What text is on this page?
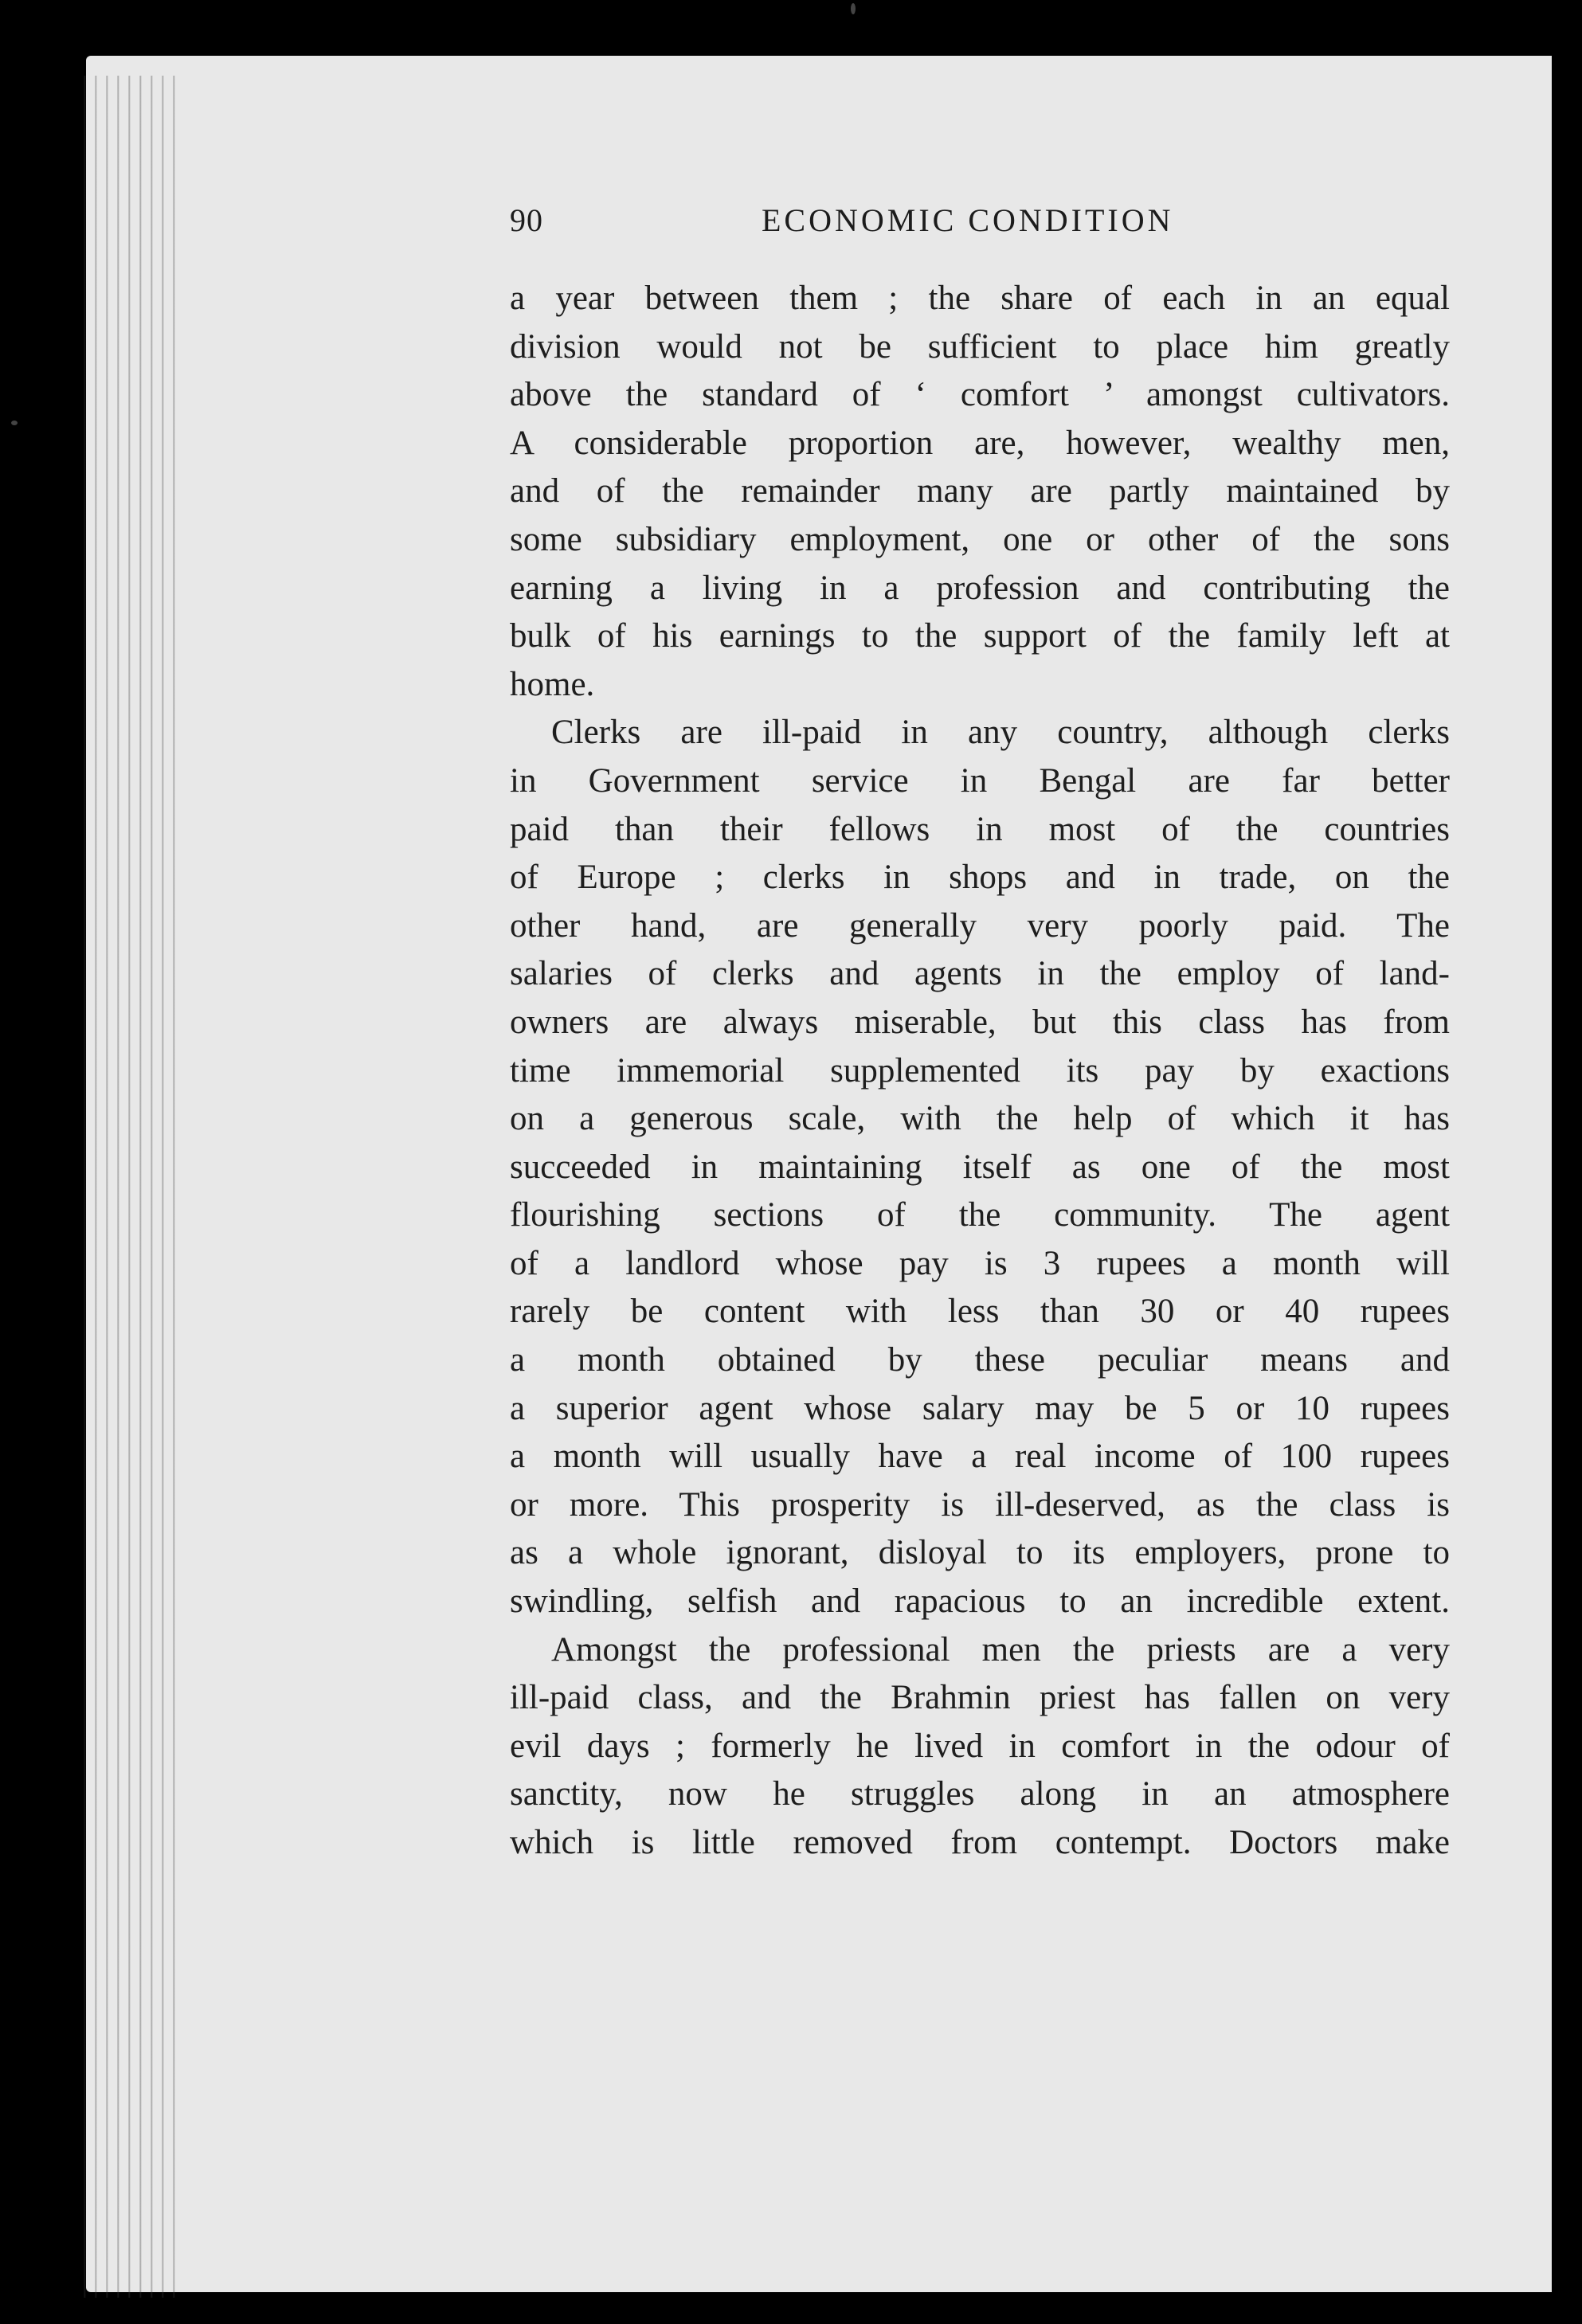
90	ECONOMIC CONDITION
a year between them ; the share of each in an equal
division would not be sufficient to place him greatly
above the standard of ‘ comfort ’ amongst cultivators.
A considerable proportion are, however, wealthy men,
and of the remainder many are partly maintained by
some subsidiary employment, one or other of the sons
earning a living in a profession and contributing the
bulk of his earnings to the support of the family left at
home.
Clerks are ill-paid in any country, although clerks
in Government service in Bengal are far better
paid than their fellows in most of the countries
of Europe ; clerks in shops and in trade, on the
other hand, are generally very poorly paid. The
salaries of clerks and agents in the employ of land-
owners are always miserable, but this class has from
time immemorial supplemented its pay by exactions
on a generous scale, with the help of which it has
succeeded in maintaining itself as one of the most
flourishing sections of the community. The agent
of a landlord whose pay is 3 rupees a month will
rarely be content with less than 30 or 40 rupees
a month obtained by these peculiar means and
a superior agent whose salary may be 5 or 10 rupees
a month will usually have a real income of 100 rupees
or more. This prosperity is ill-deserved, as the class is
as a whole ignorant, disloyal to its employers, prone to
swindling, selfish and rapacious to an incredible extent.
Amongst the professional men the priests are a very
ill-paid class, and the Brahmin priest has fallen on very
evil days ; formerly he lived in comfort in the odour of
sanctity, now he struggles along in an atmosphere
which is little removed from contempt. Doctors make
